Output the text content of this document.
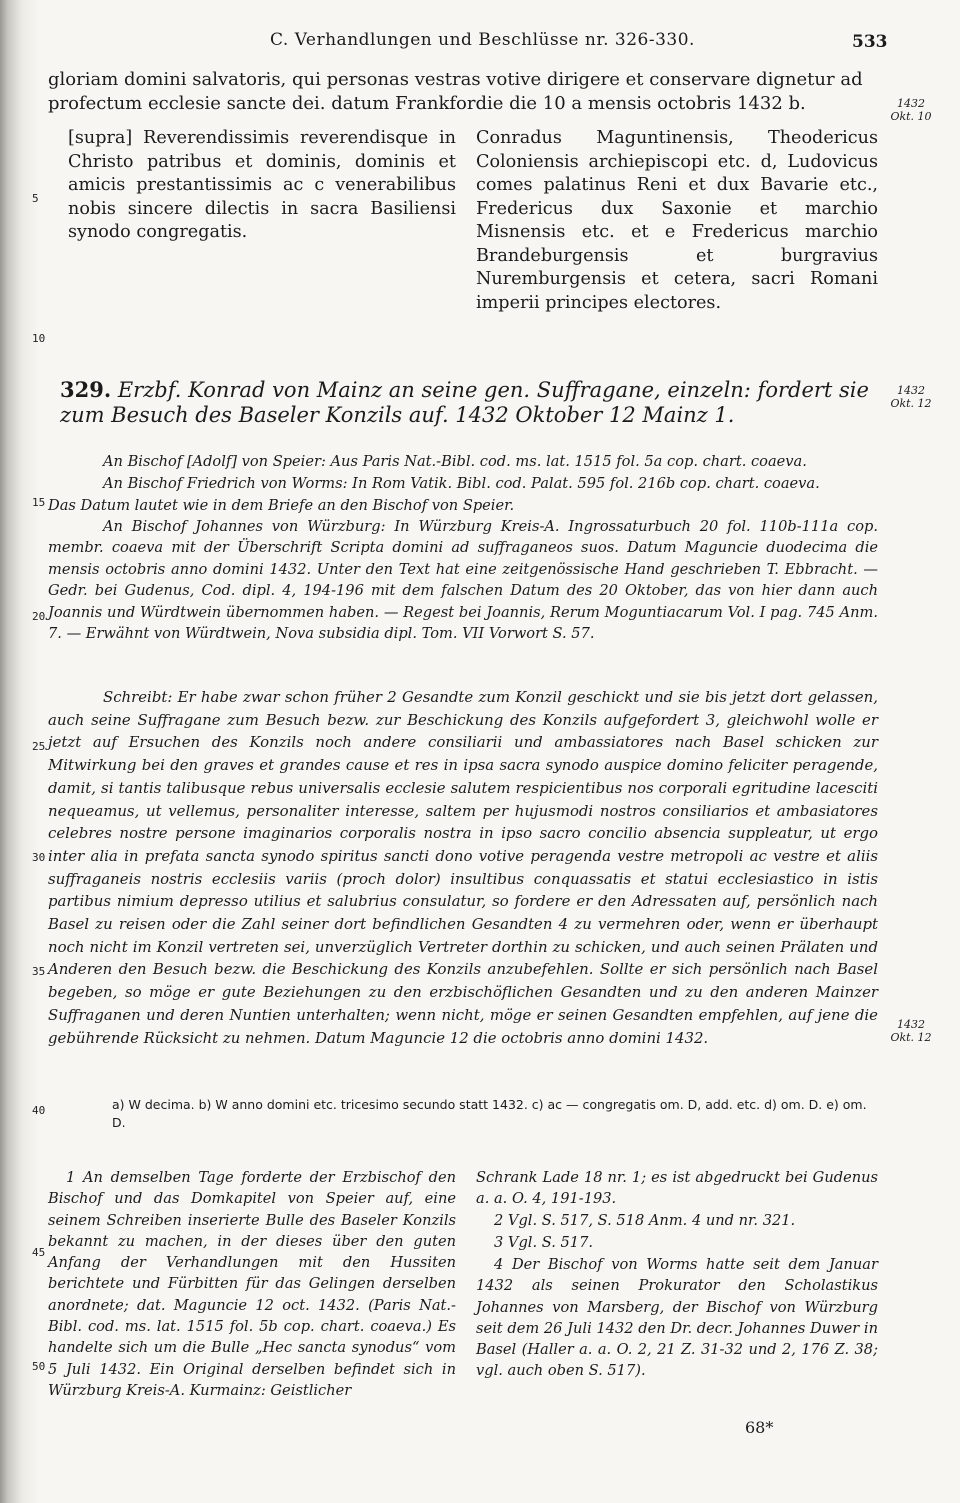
C. Verhandlungen und Beschlüsse nr. 326-330.	533
1432
Okt. 10
1432
Okt. 12
1432
Okt. 12
5
10
15
20
25
30
35
40
45
50
gloriam domini salvatoris, qui personas vestras votive dirigere et conservare dignetur ad
profectum ecclesie sancte dei. datum Frankfordie die 10 a mensis octobris 1432 b.
[supra] Reverendissimis reverendisque in Christo patribus et dominis, dominis et amicis prestantissimis ac c venerabilibus nobis sincere dilectis in sacra Basiliensi synodo congregatis.
Conradus Maguntinensis, Theodericus Coloniensis archiepiscopi etc. d, Ludovicus comes palatinus Reni et dux Bavarie etc., Fredericus dux Saxonie et marchio Misnensis etc. et e Fredericus marchio Brandeburgensis et burgravius Nuremburgensis et cetera, sacri Romani imperii principes electores.
329. Erzbf. Konrad von Mainz an seine gen. Suffragane, einzeln: fordert sie zum Besuch des Baseler Konzils auf. 1432 Oktober 12 Mainz 1.
An Bischof [Adolf] von Speier: Aus Paris Nat.-Bibl. cod. ms. lat. 1515 fol. 5a cop. chart. coaeva.
An Bischof Friedrich von Worms: In Rom Vatik. Bibl. cod. Palat. 595 fol. 216b cop. chart. coaeva.
Das Datum lautet wie in dem Briefe an den Bischof von Speier.
An Bischof Johannes von Würzburg: In Würzburg Kreis-A. Ingrossaturbuch 20 fol. 110b-111a cop. membr. coaeva mit der Überschrift Scripta domini ad suffraganeos suos. Datum Maguncie duodecima die mensis octobris anno domini 1432. Unter den Text hat eine zeitgenössische Hand geschrieben T. Ebbracht. — Gedr. bei Gudenus, Cod. dipl. 4, 194-196 mit dem falschen Datum des 20 Oktober, das von hier dann auch Joannis und Würdtwein übernommen haben. — Regest bei Joannis, Rerum Moguntiacarum Vol. I pag. 745 Anm. 7. — Erwähnt von Würdtwein, Nova subsidia dipl. Tom. VII Vorwort S. 57.
Schreibt: Er habe zwar schon früher 2 Gesandte zum Konzil geschickt und sie bis jetzt dort gelassen, auch seine Suffragane zum Besuch bezw. zur Beschickung des Konzils aufgefordert 3, gleichwohl wolle er jetzt auf Ersuchen des Konzils noch andere consiliarii und ambassiatores nach Basel schicken zur Mitwirkung bei den graves et grandes cause et res in ipsa sacra synodo auspice domino feliciter peragende, damit, si tantis talibusque rebus universalis ecclesie salutem respicientibus nos corporali egritudine lacesciti nequeamus, ut vellemus, personaliter interesse, saltem per hujusmodi nostros consiliarios et ambasiatores celebres nostre persone imaginarios corporalis nostra in ipso sacro concilio absencia suppleatur, ut ergo inter alia in prefata sancta synodo spiritus sancti dono votive peragenda vestre metropoli ac vestre et aliis suffraganeis nostris ecclesiis variis (proch dolor) insultibus conquassatis et statui ecclesiastico in istis partibus nimium depresso utilius et salubrius consulatur, so fordere er den Adressaten auf, persönlich nach Basel zu reisen oder die Zahl seiner dort befindlichen Gesandten 4 zu vermehren oder, wenn er überhaupt noch nicht im Konzil vertreten sei, unverzüglich Vertreter dorthin zu schicken, und auch seinen Prälaten und Anderen den Besuch bezw. die Beschickung des Konzils anzubefehlen. Sollte er sich persönlich nach Basel begeben, so möge er gute Beziehungen zu den erzbischöflichen Gesandten und zu den anderen Mainzer Suffraganen und deren Nuntien unterhalten; wenn nicht, möge er seinen Gesandten empfehlen, auf jene die gebührende Rücksicht zu nehmen. Datum Maguncie 12 die octobris anno domini 1432.
a) W decima. b) W anno domini etc. tricesimo secundo statt 1432. c) ac — congregatis om. D, add. etc. d) om. D. e) om. D.
1 An demselben Tage forderte der Erzbischof den Bischof und das Domkapitel von Speier auf, eine seinem Schreiben inserierte Bulle des Baseler Konzils bekannt zu machen, in der dieses über den guten Anfang der Verhandlungen mit den Hussiten berichtete und Fürbitten für das Gelingen derselben anordnete; dat. Maguncie 12 oct. 1432. (Paris Nat.-Bibl. cod. ms. lat. 1515 fol. 5b cop. chart. coaeva.) Es handelte sich um die Bulle „Hec sancta synodus“ vom 5 Juli 1432. Ein Original derselben befindet sich in Würzburg Kreis-A. Kurmainz: Geistlicher
Schrank Lade 18 nr. 1; es ist abgedruckt bei Gudenus a. a. O. 4, 191-193.
2 Vgl. S. 517, S. 518 Anm. 4 und nr. 321.
3 Vgl. S. 517.
4 Der Bischof von Worms hatte seit dem Januar 1432 als seinen Prokurator den Scholastikus Johannes von Marsberg, der Bischof von Würzburg seit dem 26 Juli 1432 den Dr. decr. Johannes Duwer in Basel (Haller a. a. O. 2, 21 Z. 31-32 und 2, 176 Z. 38; vgl. auch oben S. 517).
68*
